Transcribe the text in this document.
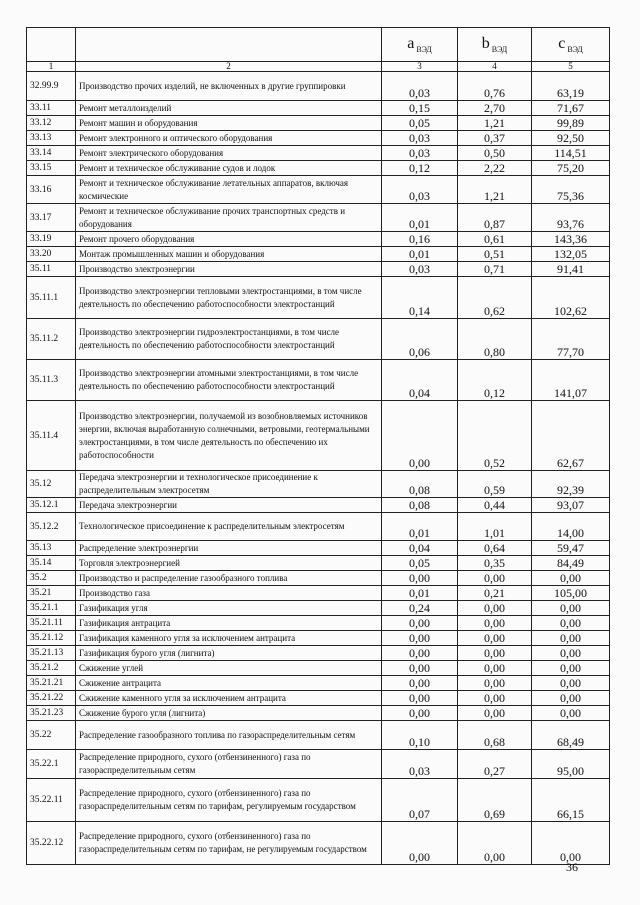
		a $_{ВЭД}$	b $_{ВЭД}$	c $_{ВЭД}$
1	2	3	4	5
32.99.9	Производство прочих изделий, не включенных в другие группировки	0,03	0,76	63,19
33.11	Ремонт металлоизделий	0,15	2,70	71,67
33.12	Ремонт машин и оборудования	0,05	1,21	99,89
33.13	Ремонт электронного и оптического оборудования	0,03	0,37	92,50
33.14	Ремонт электрического оборудования	0,03	0,50	114,51
33.15	Ремонт и техническое обслуживание судов и лодок	0,12	2,22	75,20
33.16	Ремонт и техническое обслуживание летательных аппаратов, включая космические	0,03	1,21	75,36
33.17	Ремонт и техническое обслуживание прочих транспортных средств и оборудования	0,01	0,87	93,76
33.19	Ремонт прочего оборудования	0,16	0,61	143,36
33.20	Монтаж промышленных машин и оборудования	0,01	0,51	132,05
35.11	Производство электроэнергии	0,03	0,71	91,41
35.11.1	Производство электроэнергии тепловыми электростанциями, в том числе деятельность по обеспечению работоспособности электростанций	0,14	0,62	102,62
35.11.2	Производство электроэнергии гидроэлектростанциями, в том числе деятельность по обеспечению работоспособности электростанций	0,06	0,80	77,70
35.11.3	Производство электроэнергии атомными электростанциями, в том числе деятельность по обеспечению работоспособности электростанций	0,04	0,12	141,07
35.11.4	Производство электроэнергии, получаемой из возобновляемых источников энергии, включая выработанную солнечными, ветровыми, геотермальными электростанциями, в том числе деятельность по обеспечению их работоспособности	0,00	0,52	62,67
35.12	Передача электроэнергии и технологическое присоединение к распределительным электросетям	0,08	0,59	92,39
35.12.1	Передача электроэнергии	0,08	0,44	93,07
35.12.2	Технологическое присоединение к распределительным электросетям	0,01	1,01	14,00
35.13	Распределение электроэнергии	0,04	0,64	59,47
35.14	Торговля электроэнергией	0,05	0,35	84,49
35.2	Производство и распределение газообразного топлива	0,00	0,00	0,00
35.21	Производство газа	0,01	0,21	105,00
35.21.1	Газификация угля	0,24	0,00	0,00
35.21.11	Газификация антрацита	0,00	0,00	0,00
35.21.12	Газификация каменного угля за исключением антрацита	0,00	0,00	0,00
35.21.13	Газификация бурого угля (лигнита)	0,00	0,00	0,00
35.21.2	Сжижение углей	0,00	0,00	0,00
35.21.21	Сжижение антрацита	0,00	0,00	0,00
35.21.22	Сжижение каменного угля за исключением антрацита	0,00	0,00	0,00
35.21.23	Сжижение бурого угля (лигнита)	0,00	0,00	0,00
35.22	Распределение газообразного топлива по газораспределительным сетям	0,10	0,68	68,49
35.22.1	Распределение природного, сухого (отбензиненного) газа по газораспределительным сетям	0,03	0,27	95,00
35.22.11	Распределение природного, сухого (отбензиненного) газа по газораспределительным сетям по тарифам, регулируемым государством	0,07	0,69	66,15
35.22.12	Распределение природного, сухого (отбензиненного) газа по газораспределительным сетям по тарифам, не регулируемым государством	0,00	0,00	0,00
36
